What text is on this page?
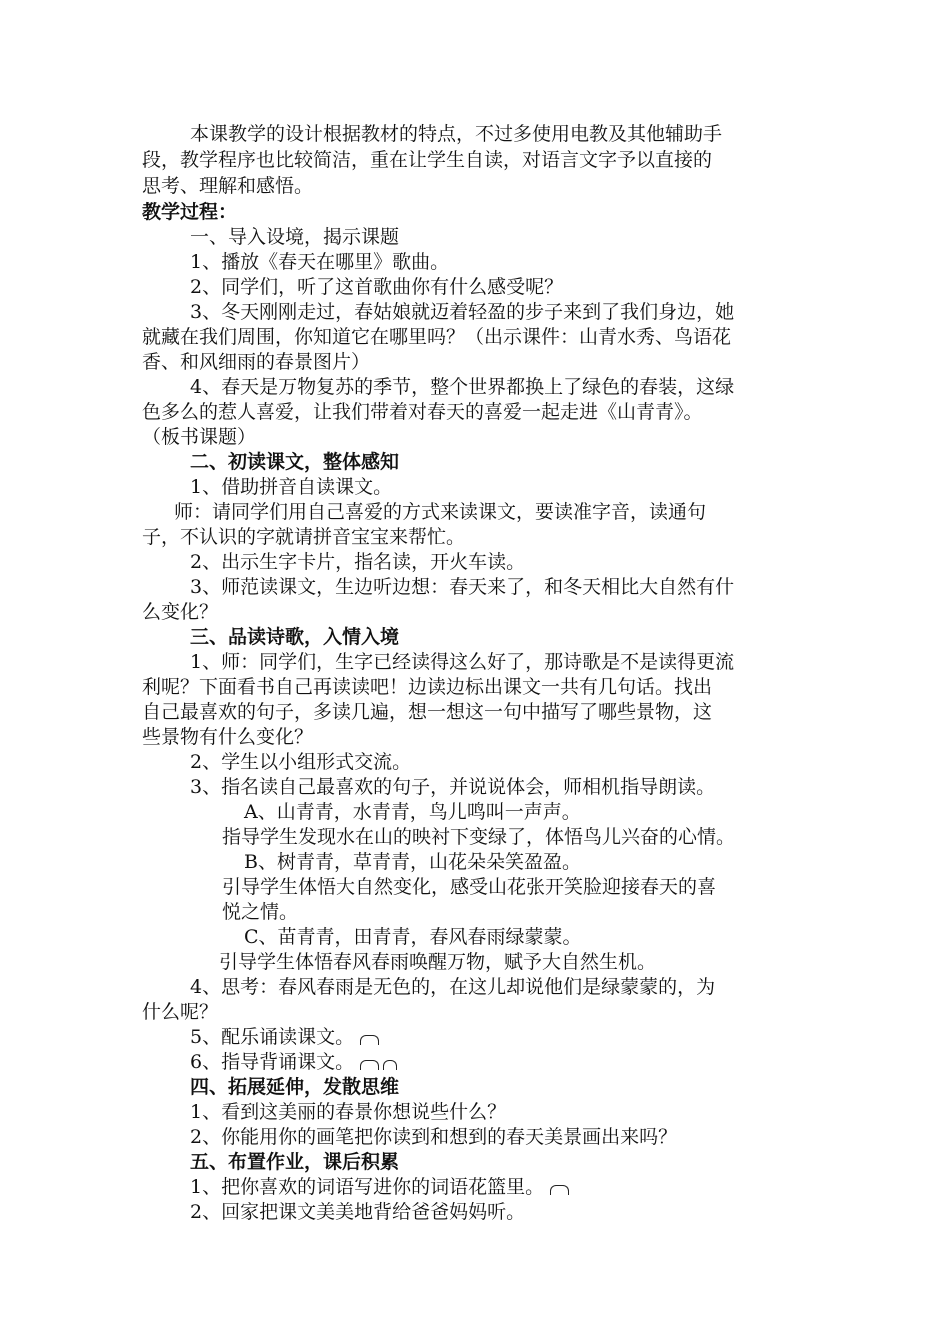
本课教学的设计根据教材的特点，不过多使用电教及其他辅助手
段，教学程序也比较简洁，重在让学生自读，对语言文字予以直接的
思考、理解和感悟。
教学过程：
一、导入设境，揭示课题
1、播放《春天在哪里》歌曲。
2、同学们，听了这首歌曲你有什么感受呢？
3、冬天刚刚走过，春姑娘就迈着轻盈的步子来到了我们身边，她
就藏在我们周围，你知道它在哪里吗？（出示课件：山青水秀、鸟语花
香、和风细雨的春景图片）
4、春天是万物复苏的季节，整个世界都换上了绿色的春装，这绿
色多么的惹人喜爱，让我们带着对春天的喜爱一起走进《山青青》。
（板书课题）
二、初读课文，整体感知
1、借助拼音自读课文。
师：请同学们用自己喜爱的方式来读课文，要读准字音，读通句
子，不认识的字就请拼音宝宝来帮忙。
2、出示生字卡片，指名读，开火车读。
3、师范读课文，生边听边想：春天来了，和冬天相比大自然有什
么变化？
三、品读诗歌，入情入境
1、师：同学们，生字已经读得这么好了，那诗歌是不是读得更流
利呢？下面看书自己再读读吧！边读边标出课文一共有几句话。找出
自己最喜欢的句子，多读几遍，想一想这一句中描写了哪些景物，这
些景物有什么变化？
2、学生以小组形式交流。
3、指名读自己最喜欢的句子，并说说体会，师相机指导朗读。
A、山青青，水青青，鸟儿鸣叫一声声。
指导学生发现水在山的映衬下变绿了，体悟鸟儿兴奋的心情。
B、树青青，草青青，山花朵朵笑盈盈。
引导学生体悟大自然变化，感受山花张开笑脸迎接春天的喜
悦之情。
C、苗青青，田青青，春风春雨绿蒙蒙。
引导学生体悟春风春雨唤醒万物，赋予大自然生机。
4、思考：春风春雨是无色的，在这儿却说他们是绿蒙蒙的，为
什么呢？
5、配乐诵读课文。
6、指导背诵课文。
四、拓展延伸，发散思维
1、看到这美丽的春景你想说些什么？
2、你能用你的画笔把你读到和想到的春天美景画出来吗？
五、布置作业，课后积累
1、把你喜欢的词语写进你的词语花篮里。
2、回家把课文美美地背给爸爸妈妈听。
